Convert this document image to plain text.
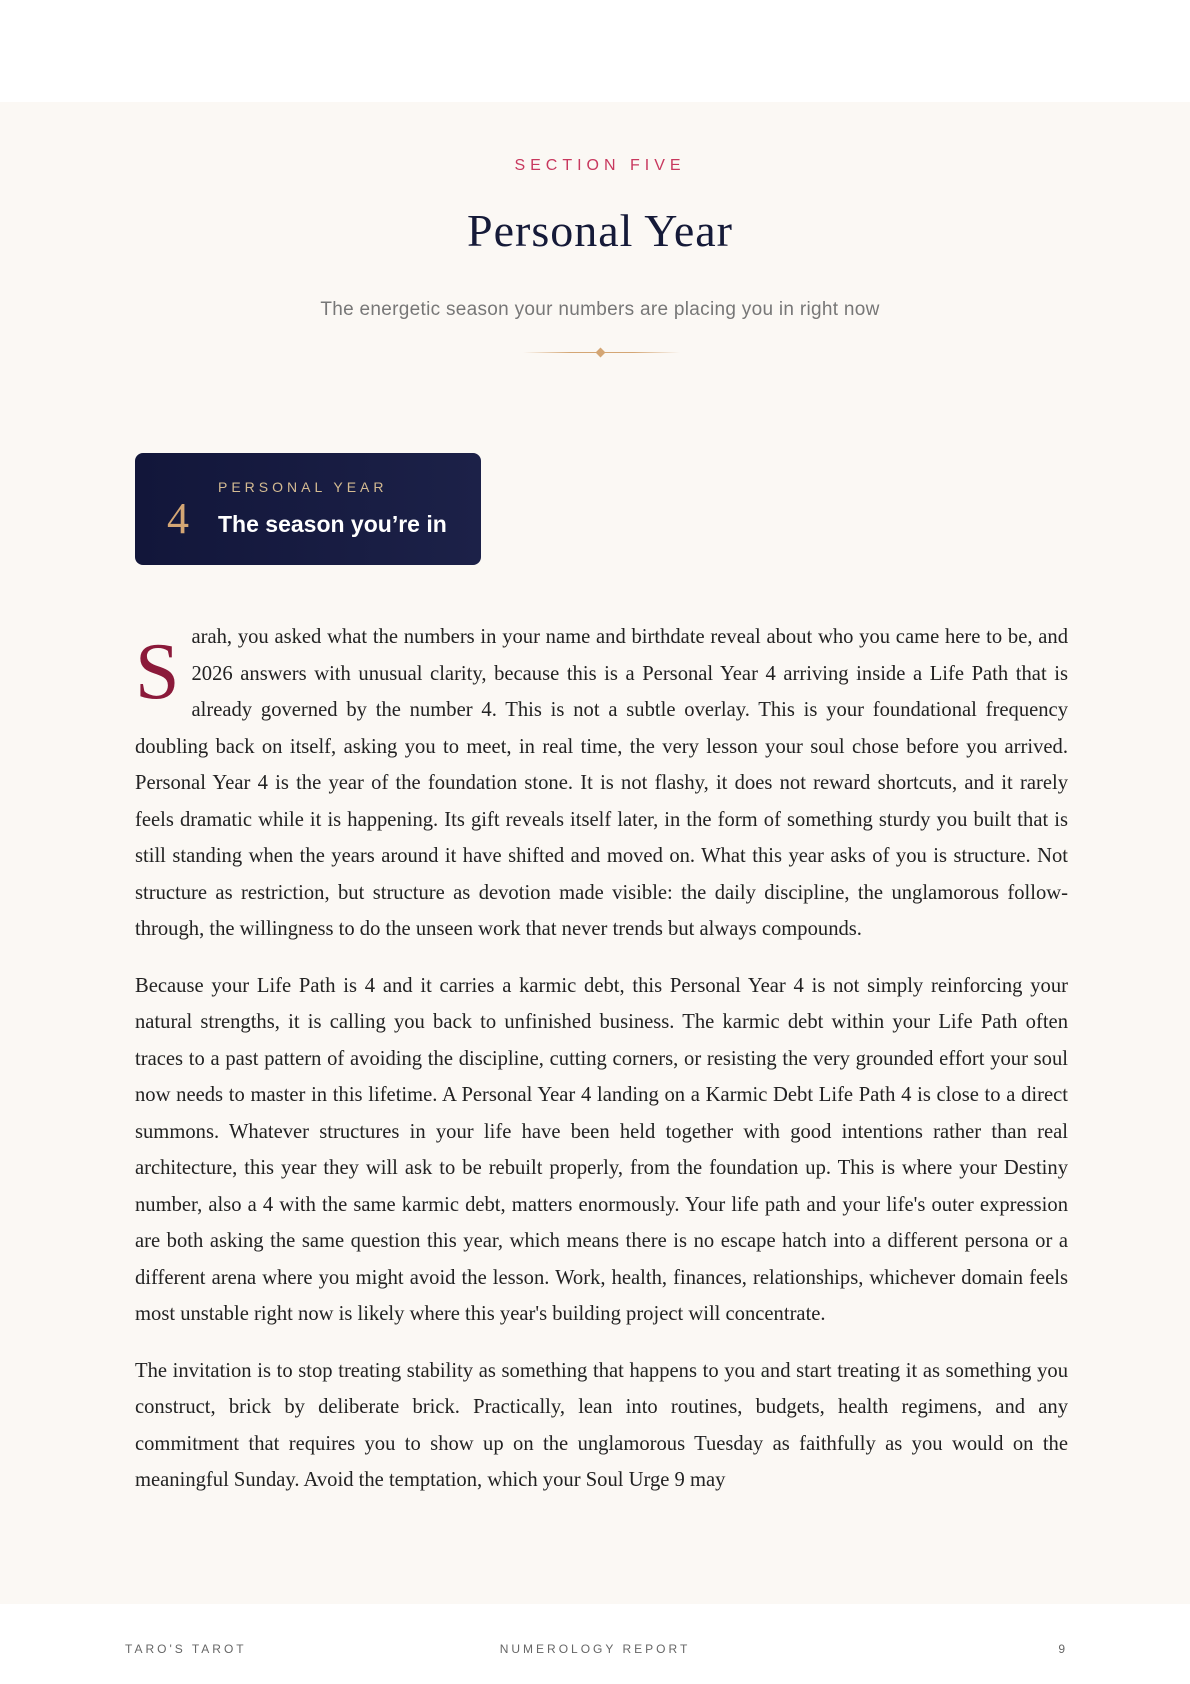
SECTION FIVE
Personal Year
The energetic season your numbers are placing you in right now
4
PERSONAL YEAR
The season you’re in

Sarah, you asked what the numbers in your name and birthdate reveal about who you came here to be, and 2026 answers with unusual clarity, because this is a Personal Year 4 arriving inside a Life Path that is already governed by the number 4. This is not a subtle overlay. This is your foundational frequency doubling back on itself, asking you to meet, in real time, the very lesson your soul chose before you arrived. Personal Year 4 is the year of the foundation stone. It is not flashy, it does not reward shortcuts, and it rarely feels dramatic while it is happening. Its gift reveals itself later, in the form of something sturdy you built that is still standing when the years around it have shifted and moved on. What this year asks of you is structure. Not structure as restriction, but structure as devotion made visible: the daily discipline, the unglamorous follow-through, the willingness to do the unseen work that never trends but always compounds.

Because your Life Path is 4 and it carries a karmic debt, this Personal Year 4 is not simply reinforcing your natural strengths, it is calling you back to unfinished business. The karmic debt within your Life Path often traces to a past pattern of avoiding the discipline, cutting corners, or resisting the very grounded effort your soul now needs to master in this lifetime. A Personal Year 4 landing on a Karmic Debt Life Path 4 is close to a direct summons. Whatever structures in your life have been held together with good intentions rather than real architecture, this year they will ask to be rebuilt properly, from the foundation up. This is where your Destiny number, also a 4 with the same karmic debt, matters enormously. Your life path and your life's outer expression are both asking the same question this year, which means there is no escape hatch into a different persona or a different arena where you might avoid the lesson. Work, health, finances, relationships, whichever domain feels most unstable right now is likely where this year's building project will concentrate.

The invitation is to stop treating stability as something that happens to you and start treating it as something you construct, brick by deliberate brick. Practically, lean into routines, budgets, health regimens, and any commitment that requires you to show up on the unglamorous Tuesday as faithfully as you would on the meaningful Sunday. Avoid the temptation, which your Soul Urge 9 may

TARO'S TAROT	NUMEROLOGY REPORT	9
